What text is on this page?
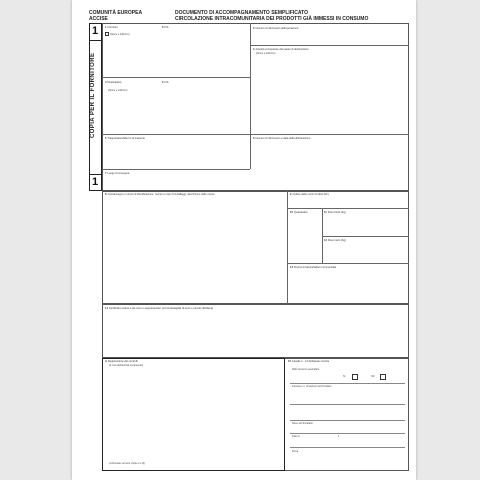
COMUNITÀ EUROPEA
ACCISE
DOCUMENTO DI ACCOMPAGNAMENTO SEMPLIFICATO
CIRCOLAZIONE INTRACOMUNITARIA DEI PRODOTTI GIÀ IMMESSI IN CONSUMO
1
COPIA PER IL FORNITORE
1
1Fornitore
(Nome e indirizzo)
6IVA	2Numero di riferimento dell'operazione
3Autorità competente del paese di destinazione
(Nome e indirizzo)
4Destinatario
(Nome e indirizzo)
6IVA
5Trasportatore/Mezzo di trasporto	6Numero di riferimento e data della dichiarazione
7Luogo di consegna
8Contrassegni e numeri di identificazione, numero e tipo di imballaggi, descrizione delle merce	9Codice delle merci (Codice NC)
10Quantitativo	11Peso lordo (Kg)
12Peso netto (Kg)
13Prezzo di fattura/Valore commerciale
14Certificati (vedere a piè retro e supplementari, piccoli dettagliati di terzo e piccolo distilleria)
ARegistrazione dei controlli
(a cura dell'autorità competente)
(continuare sul retro (copie 2 e 3))
15Caselle 1 - 13 dichiarate corrette
Ritiro del terzo esemplare
SI	NO
Impresa e n. di telefono del firmatario
Nome del firmatario
Fatto a	il
Firma
